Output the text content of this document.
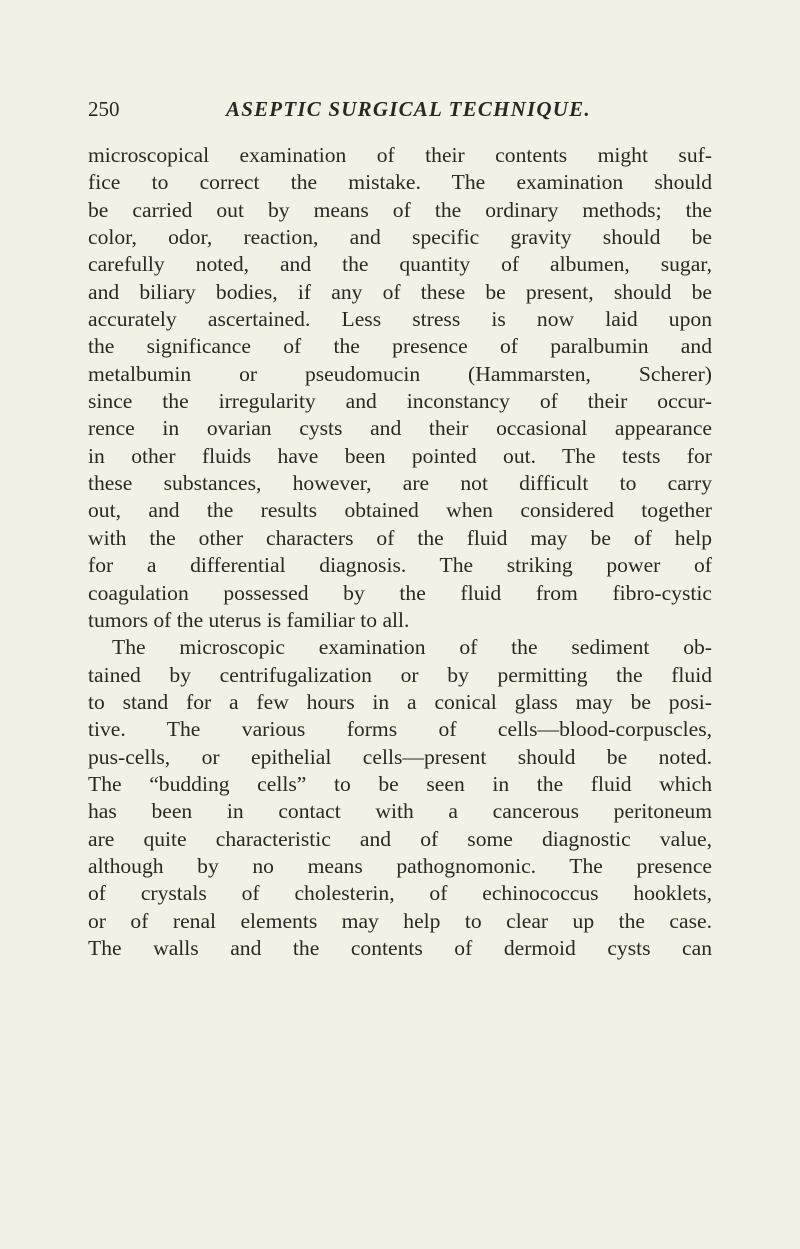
250	ASEPTIC SURGICAL TECHNIQUE.
microscopical examination of their contents might suf-
fice to correct the mistake. The examination should
be carried out by means of the ordinary methods; the
color, odor, reaction, and specific gravity should be
carefully noted, and the quantity of albumen, sugar,
and biliary bodies, if any of these be present, should be
accurately ascertained. Less stress is now laid upon
the significance of the presence of paralbumin and
metalbumin or pseudomucin (Hammarsten, Scherer)
since the irregularity and inconstancy of their occur-
rence in ovarian cysts and their occasional appearance
in other fluids have been pointed out. The tests for
these substances, however, are not difficult to carry
out, and the results obtained when considered together
with the other characters of the fluid may be of help
for a differential diagnosis. The striking power of
coagulation possessed by the fluid from fibro-cystic
tumors of the uterus is familiar to all.
The microscopic examination of the sediment ob-
tained by centrifugalization or by permitting the fluid
to stand for a few hours in a conical glass may be posi-
tive. The various forms of cells—blood-corpuscles,
pus-cells, or epithelial cells—present should be noted.
The “budding cells” to be seen in the fluid which
has been in contact with a cancerous peritoneum
are quite characteristic and of some diagnostic value,
although by no means pathognomonic. The presence
of crystals of cholesterin, of echinococcus hooklets,
or of renal elements may help to clear up the case.
The walls and the contents of dermoid cysts can
